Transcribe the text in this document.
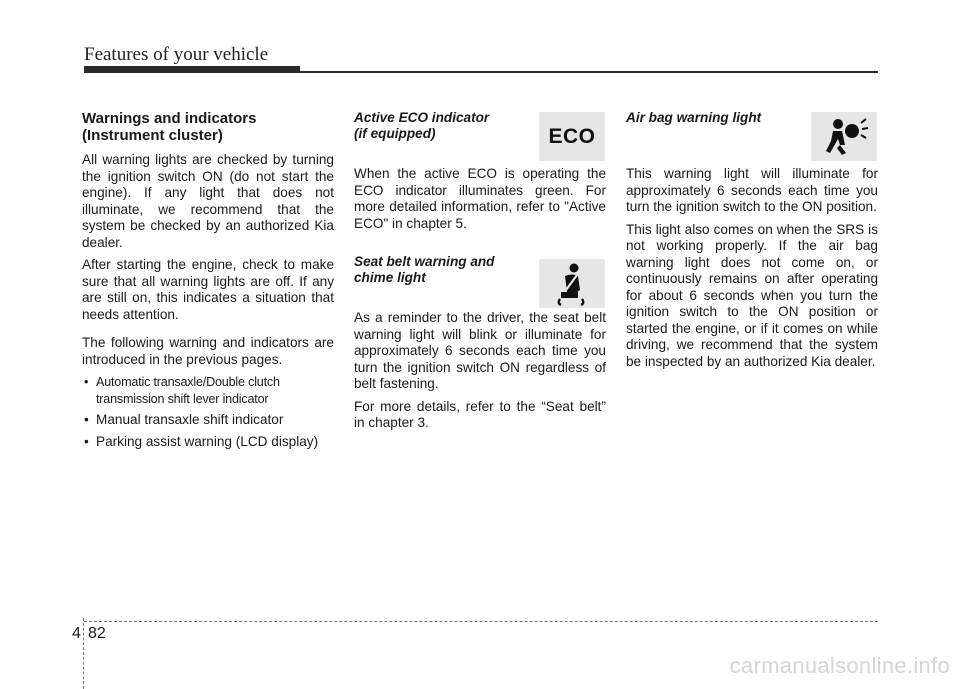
Features of your vehicle
Warnings and indicators (Instrument cluster)

All warning lights are checked by turning the ignition switch ON (do not start the engine). If any light that does not illuminate, we recommend that the system be checked by an authorized Kia dealer.

After starting the engine, check to make sure that all warning lights are off. If any are still on, this indicates a situation that needs attention.

The following warning and indicators are introduced in the previous pages.

• Automatic transaxle/Double clutch transmission shift lever indicator
• Manual transaxle shift indicator
• Parking assist warning (LCD display)
Active ECO indicator
(if equipped)

When the active ECO is operating the ECO indicator illuminates green. For more detailed information, refer to "Active ECO" in chapter 5.

Seat belt warning and
chime light

As a reminder to the driver, the seat belt warning light will blink or illuminate for approximately 6 seconds each time you turn the ignition switch ON regardless of belt fastening.

For more details, refer to the “Seat belt” in chapter 3.

ECO
Air bag warning light

This warning light will illuminate for approximately 6 seconds each time you turn the ignition switch to the ON position.

This light also comes on when the SRS is not working properly. If the air bag warning light does not come on, or continuously remains on after operating for about 6 seconds when you turn the ignition switch to the ON position or started the engine, or if it comes on while driving, we recommend that the system be inspected by an authorized Kia dealer.

4 82
carmanualsonline.info
